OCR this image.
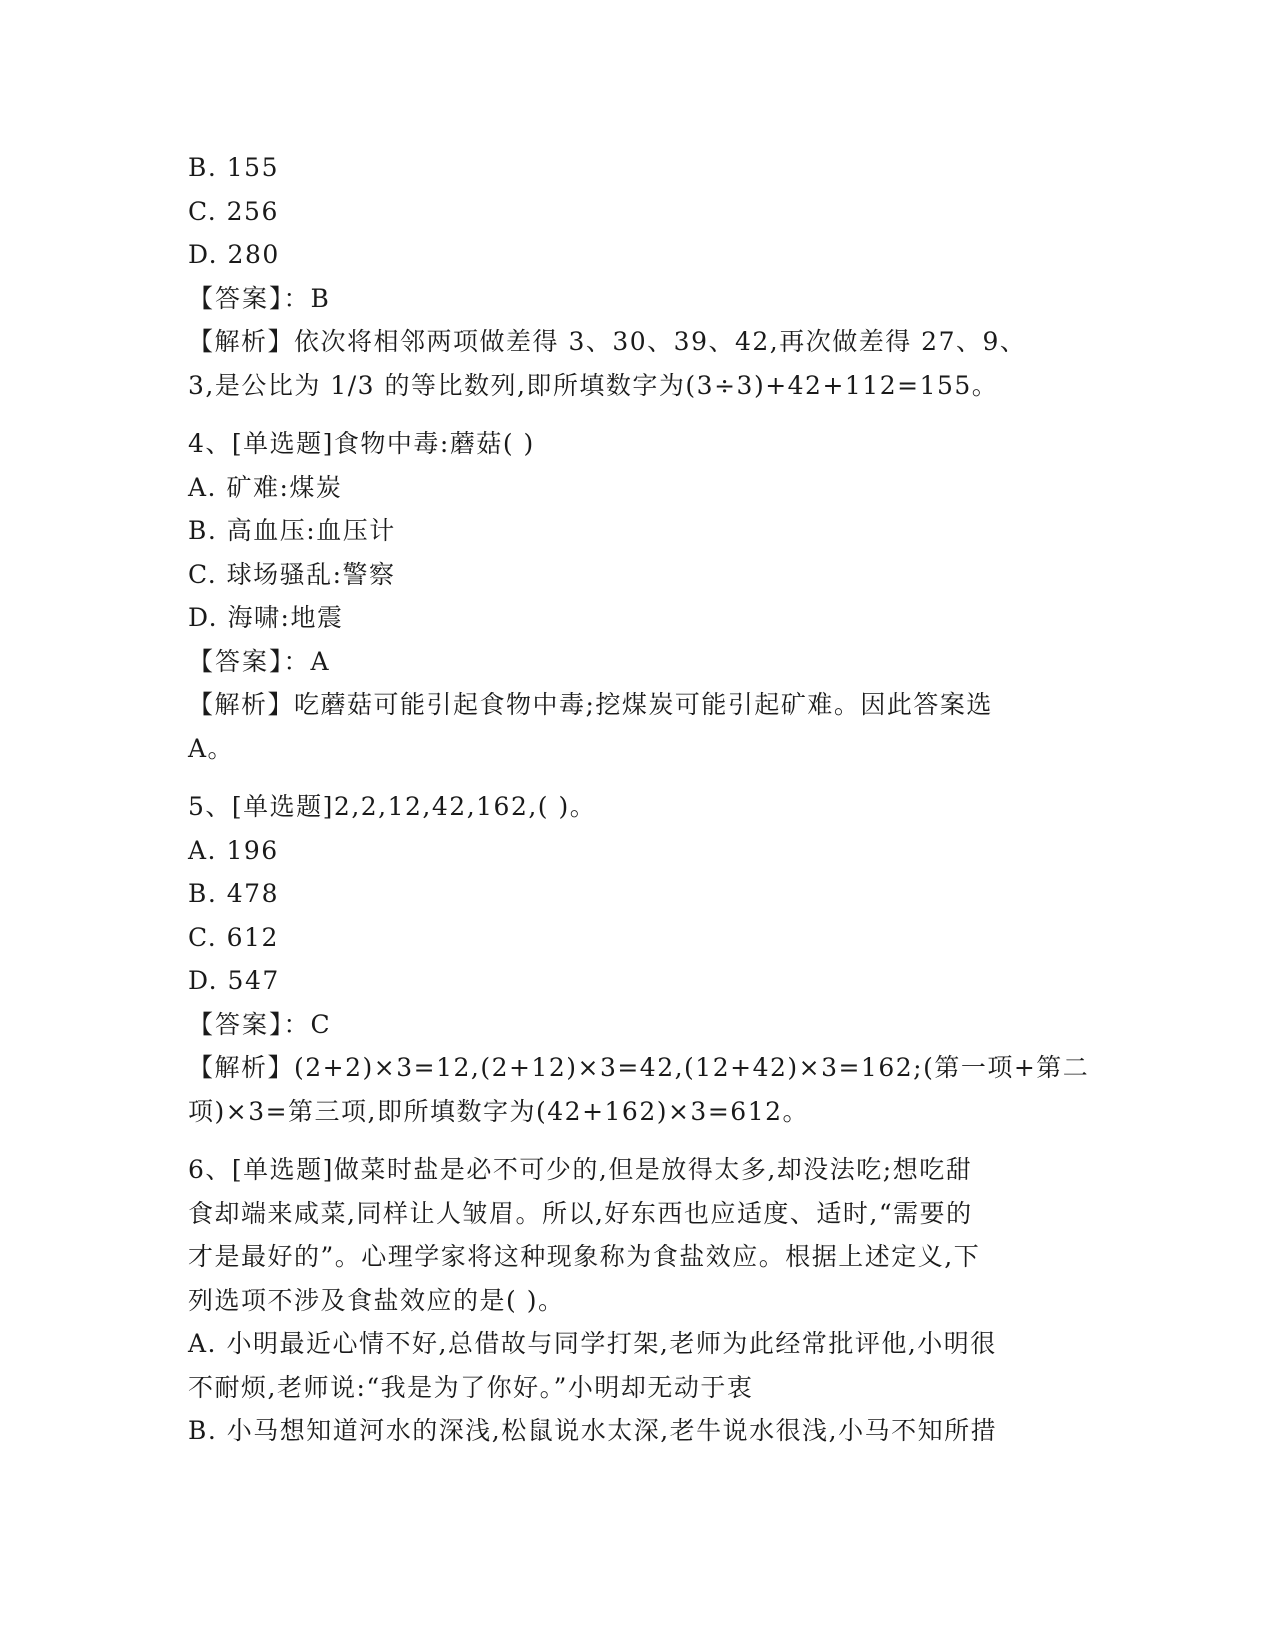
B. 155
C. 256
D. 280
【答案】：B
【解析】依次将相邻两项做差得 3、30、39、42,再次做差得 27、9、
3,是公比为 1/3 的等比数列,即所填数字为(3÷3)+42+112=155。
4、[单选题]食物中毒:蘑菇( )
A. 矿难:煤炭
B. 高血压:血压计
C. 球场骚乱:警察
D. 海啸:地震
【答案】：A
【解析】吃蘑菇可能引起食物中毒;挖煤炭可能引起矿难。因此答案选
A。
5、[单选题]2,2,12,42,162,( )。
A. 196
B. 478
C. 612
D. 547
【答案】：C
【解析】(2+2)×3=12,(2+12)×3=42,(12+42)×3=162;(第一项+第二
项)×3=第三项,即所填数字为(42+162)×3=612。
6、[单选题]做菜时盐是必不可少的,但是放得太多,却没法吃;想吃甜
食却端来咸菜,同样让人皱眉。所以,好东西也应适度、适时,“需要的
才是最好的”。心理学家将这种现象称为食盐效应。根据上述定义,下
列选项不涉及食盐效应的是( )。
A. 小明最近心情不好,总借故与同学打架,老师为此经常批评他,小明很
不耐烦,老师说:“我是为了你好。”小明却无动于衷
B. 小马想知道河水的深浅,松鼠说水太深,老牛说水很浅,小马不知所措
